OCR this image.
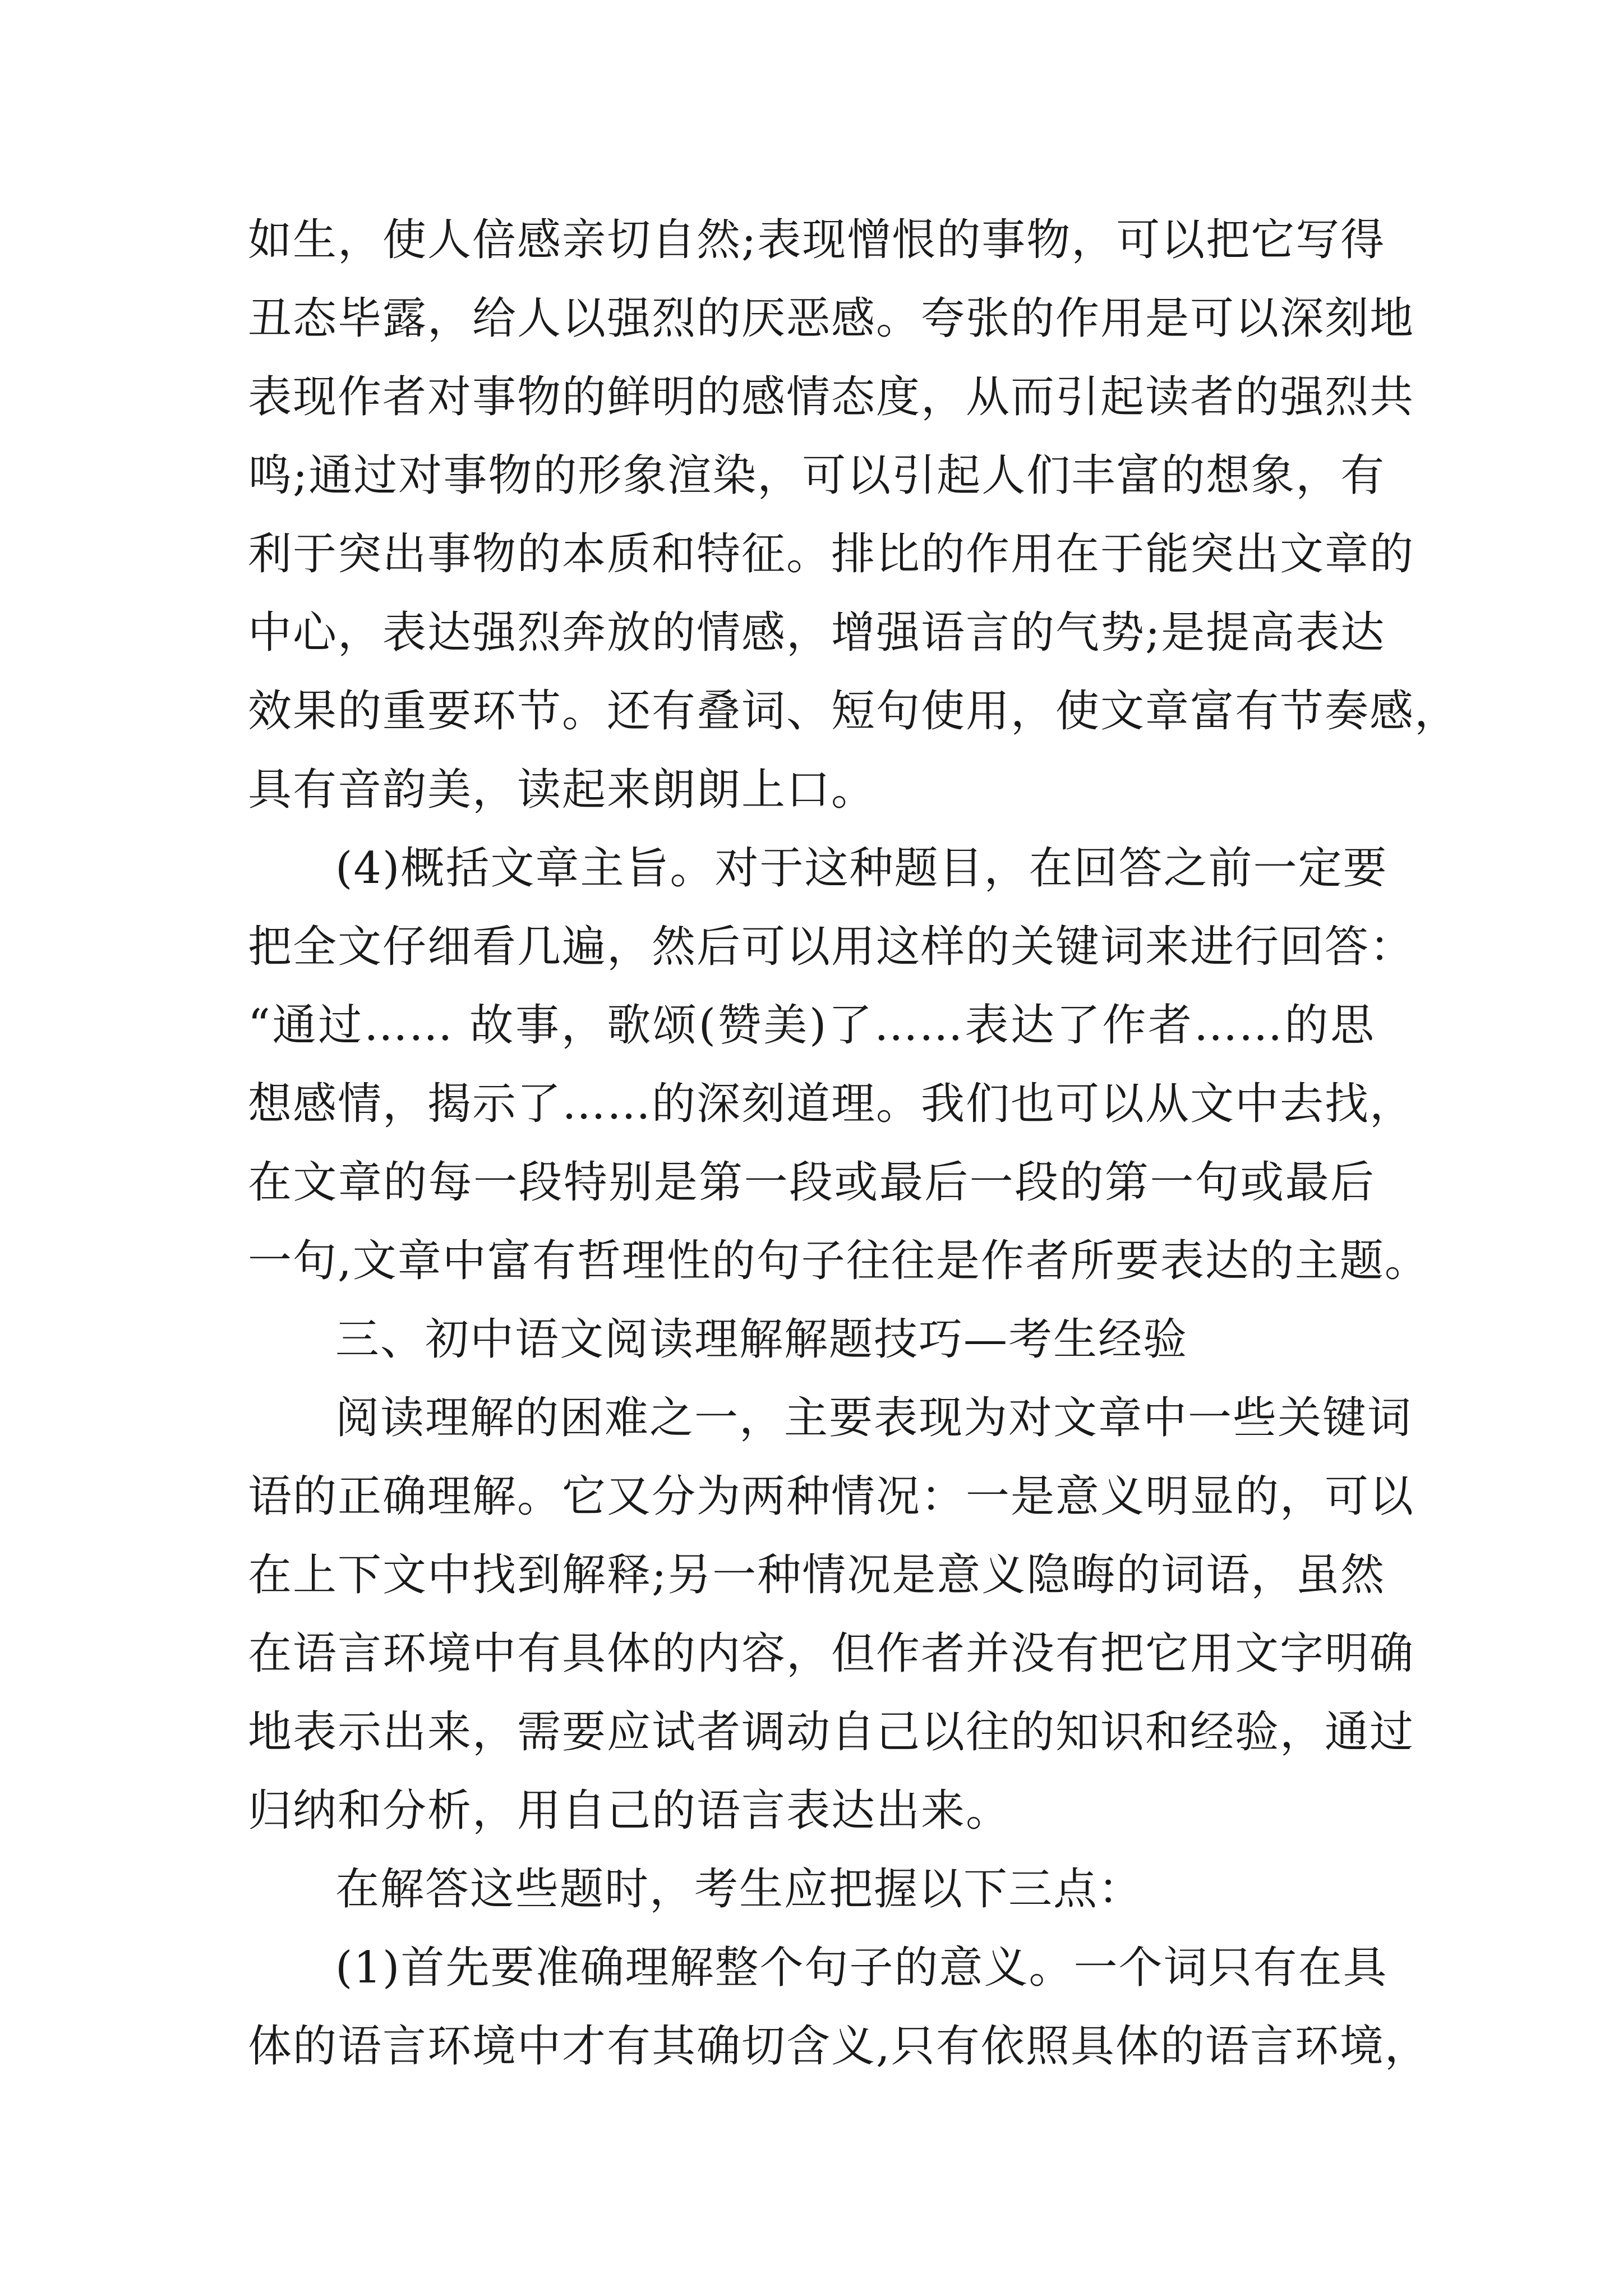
如生，使人倍感亲切自然;表现憎恨的事物，可以把它写得
丑态毕露，给人以强烈的厌恶感。夸张的作用是可以深刻地
表现作者对事物的鲜明的感情态度，从而引起读者的强烈共
鸣;通过对事物的形象渲染，可以引起人们丰富的想象，有
利于突出事物的本质和特征。排比的作用在于能突出文章的
中心，表达强烈奔放的情感，增强语言的气势;是提高表达
效果的重要环节。还有叠词、短句使用，使文章富有节奏感，
具有音韵美，读起来朗朗上口。
(4)概括文章主旨。对于这种题目，在回答之前一定要
把全文仔细看几遍，然后可以用这样的关键词来进行回答：
“通过…… 故事，歌颂(赞美)了……表达了作者……的思
想感情，揭示了……的深刻道理。我们也可以从文中去找，
在文章的每一段特别是第一段或最后一段的第一句或最后
一句,文章中富有哲理性的句子往往是作者所要表达的主题。
三、初中语文阅读理解解题技巧—考生经验
阅读理解的困难之一，主要表现为对文章中一些关键词
语的正确理解。它又分为两种情况：一是意义明显的，可以
在上下文中找到解释;另一种情况是意义隐晦的词语，虽然
在语言环境中有具体的内容，但作者并没有把它用文字明确
地表示出来，需要应试者调动自己以往的知识和经验，通过
归纳和分析，用自己的语言表达出来。
在解答这些题时，考生应把握以下三点：
(1)首先要准确理解整个句子的意义。一个词只有在具
体的语言环境中才有其确切含义,只有依照具体的语言环境，
